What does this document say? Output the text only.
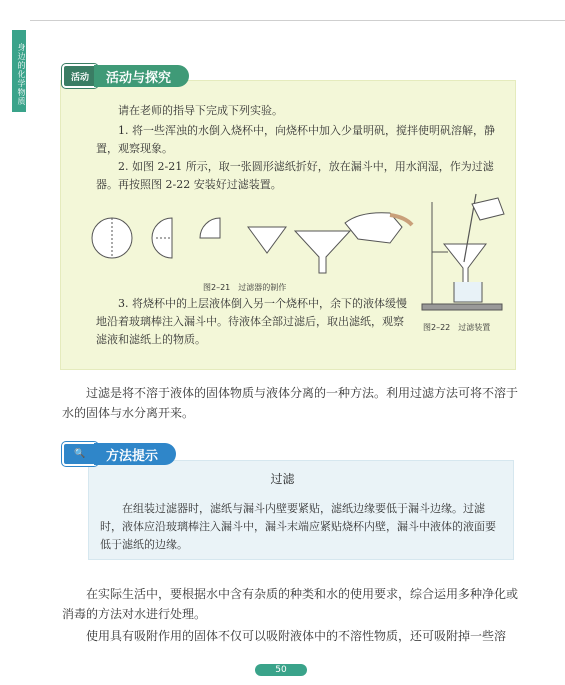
身边的化学物质	活动	活动与探究
请在老师的指导下完成下列实验。
1. 将一些浑浊的水倒入烧杯中，向烧杯中加入少量明矾，搅拌使明矾溶解，静置，观察现象。
2. 如图 2-21 所示，取一张圆形滤纸折好，放在漏斗中，用水润湿，作为过滤器。再按照图 2-22 安装好过滤装置。
图2–21　过滤器的制作
图2–22　过滤装置
3. 将烧杯中的上层液体倒入另一个烧杯中，余下的液体缓慢地沿着玻璃棒注入漏斗中。待液体全部过滤后，取出滤纸，观察滤液和滤纸上的物质。
过滤是将不溶于液体的固体物质与液体分离的一种方法。利用过滤方法可将不溶于水的固体与水分离开来。
🔍	方法提示
过滤
在组装过滤器时，滤纸与漏斗内壁要紧贴，滤纸边缘要低于漏斗边缘。过滤时，液体应沿玻璃棒注入漏斗中，漏斗末端应紧贴烧杯内壁，漏斗中液体的液面要低于滤纸的边缘。
在实际生活中，要根据水中含有杂质的种类和水的使用要求，综合运用多种净化或消毒的方法对水进行处理。
使用具有吸附作用的固体不仅可以吸附液体中的不溶性物质，还可吸附掉一些溶
50
